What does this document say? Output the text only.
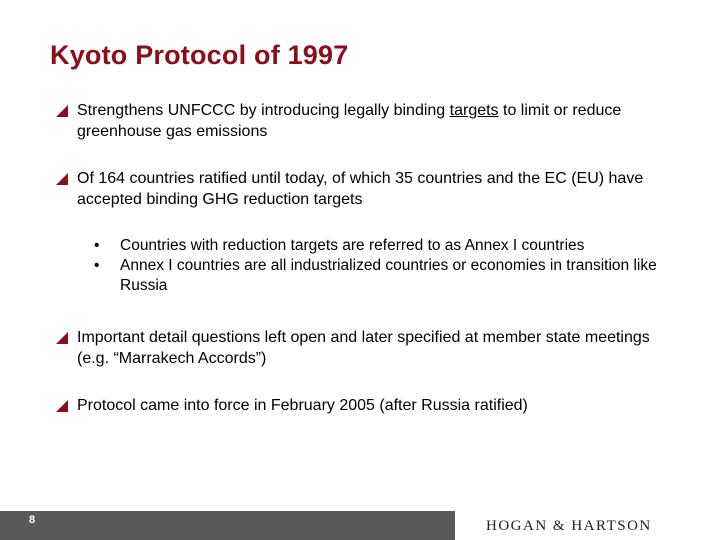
Kyoto Protocol of 1997
Strengthens UNFCCC by introducing legally binding targets to limit or reduce greenhouse gas emissions
Of 164 countries ratified until today, of which 35 countries and the EC (EU) have accepted binding GHG reduction targets
• Countries with reduction targets are referred to as Annex I countries
• Annex I countries are all industrialized countries or economies in transition like Russia
Important detail questions left open and later specified at member state meetings (e.g. “Marrakech Accords”)
Protocol came into force in February 2005 (after Russia ratified)
8	HOGAN & HARTSON
